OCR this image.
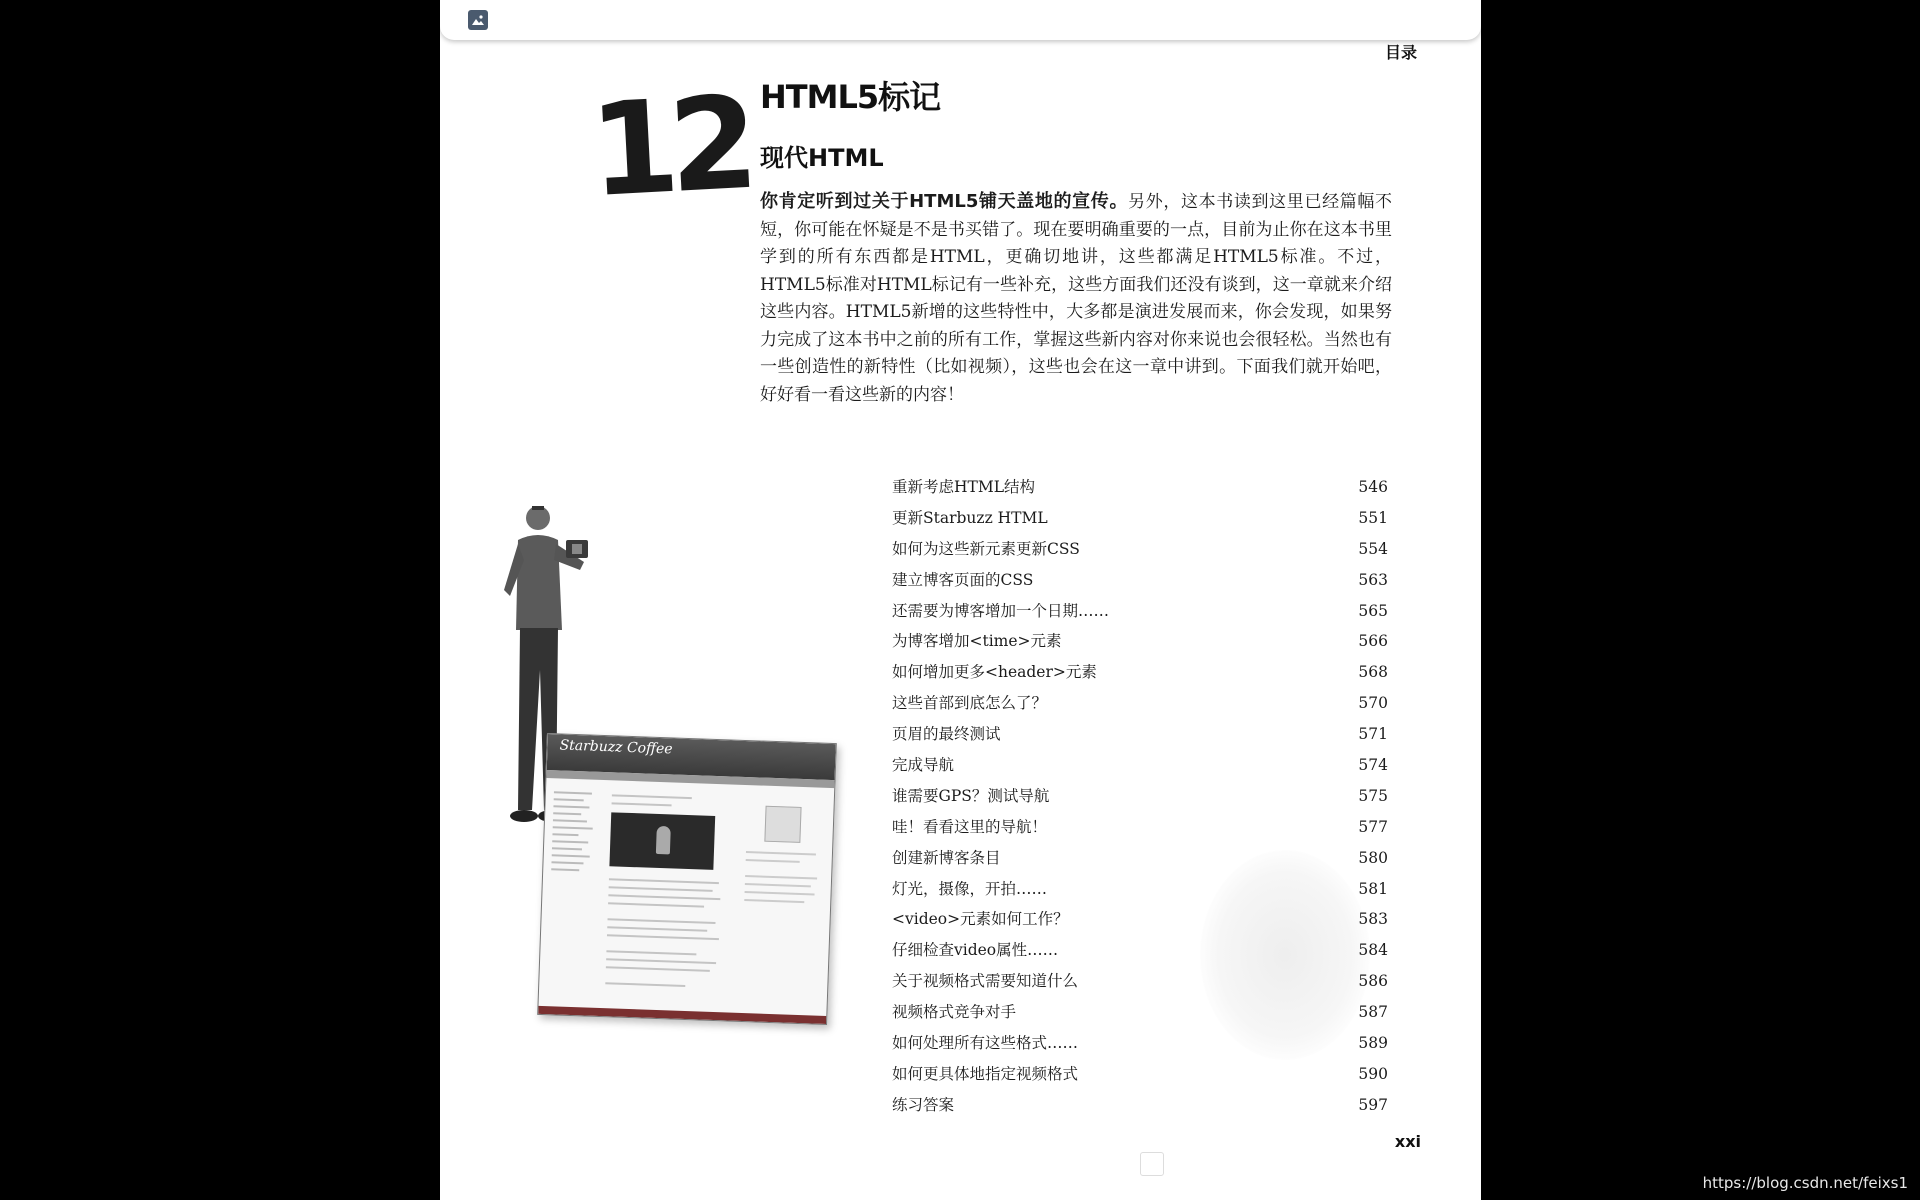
目录
12 HTML5标记
现代HTML

你肯定听到过关于HTML5铺天盖地的宣传。另外，这本书读到这里已经篇幅不短，你可能在怀疑是不是书买错了。现在要明确重要的一点，目前为止你在这本书里学到的所有东西都是HTML，更确切地讲，这些都满足HTML5标准。不过，HTML5标准对HTML标记有一些补充，这些方面我们还没有谈到，这一章就来介绍这些内容。HTML5新增的这些特性中，大多都是演进发展而来，你会发现，如果努力完成了这本书中之前的所有工作，掌握这些新内容对你来说也会很轻松。当然也有一些创造性的新特性（比如视频），这些也会在这一章中讲到。下面我们就开始吧，好好看一看这些新的内容！

Starbuzz Coffee

重新考虑HTML结构	546
更新Starbuzz HTML	551
如何为这些新元素更新CSS	554
建立博客页面的CSS	563
还需要为博客增加一个日期……	565
为博客增加<time>元素	566
如何增加更多<header>元素	568
这些首部到底怎么了？	570
页眉的最终测试	571
完成导航	574
谁需要GPS？测试导航	575
哇！看看这里的导航！	577
创建新博客条目	580
灯光，摄像，开拍……	581
<video>元素如何工作？	583
仔细检查video属性……	584
关于视频格式需要知道什么	586
视频格式竞争对手	587
如何处理所有这些格式……	589
如何更具体地指定视频格式	590
练习答案	597
xxi
https://blog.csdn.net/feixs1
